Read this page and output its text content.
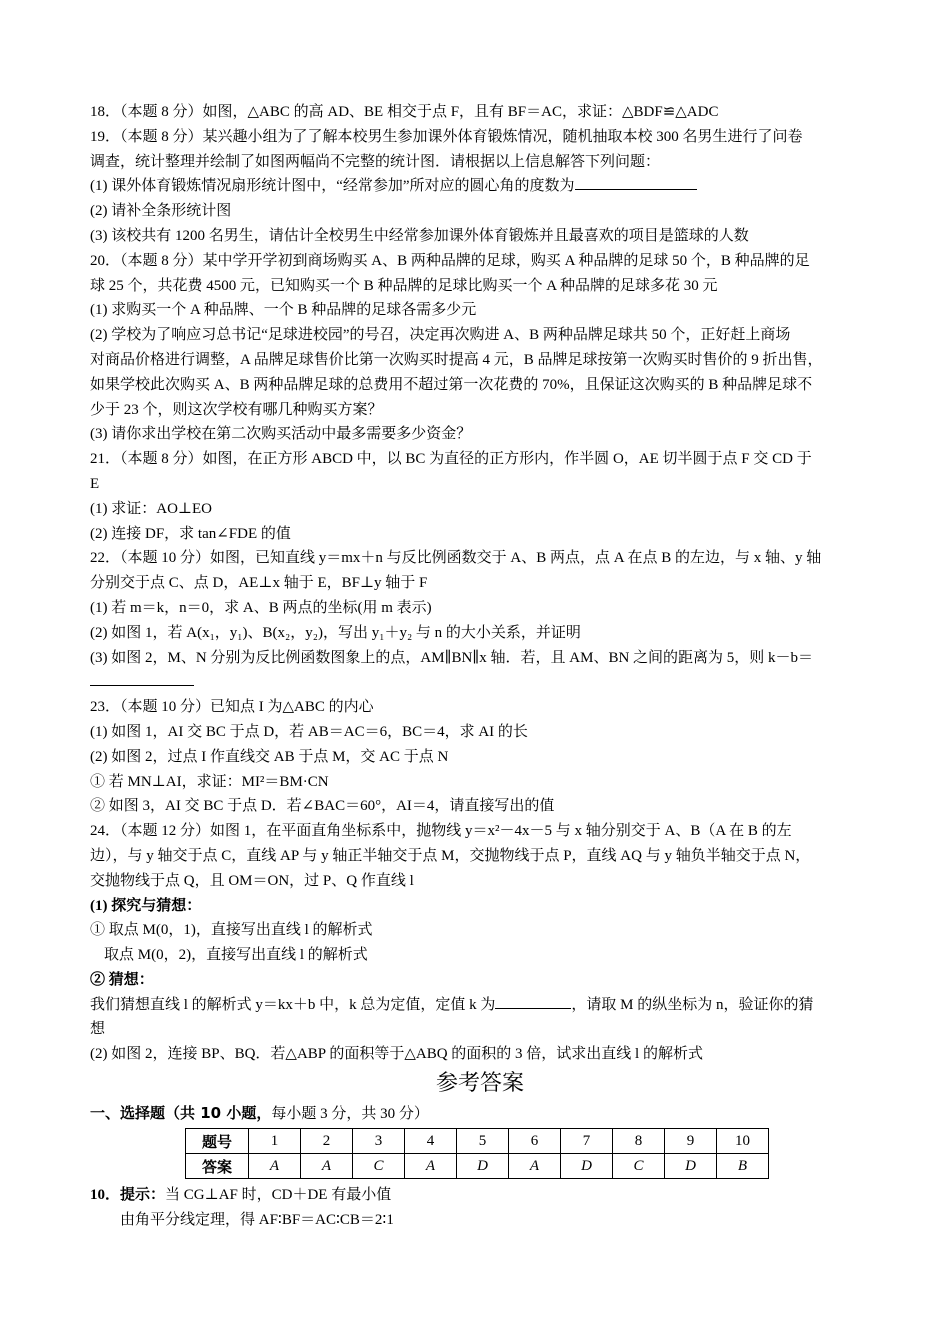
18．（本题 8 分）如图，△ABC 的高 AD、BE 相交于点 F，且有 BF＝AC，求证：△BDF≌△ADC
19．（本题 8 分）某兴趣小组为了了解本校男生参加课外体育锻炼情况，随机抽取本校 300 名男生进行了问卷
调查，统计整理并绘制了如图两幅尚不完整的统计图．请根据以上信息解答下列问题：
(1) 课外体育锻炼情况扇形统计图中，“经常参加”所对应的圆心角的度数为
(2) 请补全条形统计图
(3) 该校共有 1200 名男生，请估计全校男生中经常参加课外体育锻炼并且最喜欢的项目是篮球的人数
20．（本题 8 分）某中学开学初到商场购买 A、B 两种品牌的足球，购买 A 种品牌的足球 50 个，B 种品牌的足
球 25 个，共花费 4500 元，已知购买一个 B 种品牌的足球比购买一个 A 种品牌的足球多花 30 元
(1) 求购买一个 A 种品牌、一个 B 种品牌的足球各需多少元
(2) 学校为了响应习总书记“足球进校园”的号召，决定再次购进 A、B 两种品牌足球共 50 个，正好赶上商场
对商品价格进行调整，A 品牌足球售价比第一次购买时提高 4 元，B 品牌足球按第一次购买时售价的 9 折出售，
如果学校此次购买 A、B 两种品牌足球的总费用不超过第一次花费的 70%，且保证这次购买的 B 种品牌足球不
少于 23 个，则这次学校有哪几种购买方案？
(3) 请你求出学校在第二次购买活动中最多需要多少资金？
21．（本题 8 分）如图，在正方形 ABCD 中，以 BC 为直径的正方形内，作半圆 O，AE 切半圆于点 F 交 CD 于
E
(1) 求证：AO⊥EO
(2) 连接 DF，求 tan∠FDE 的值
22．（本题 10 分）如图，已知直线 y＝mx＋n 与反比例函数交于 A、B 两点，点 A 在点 B 的左边，与 x 轴、y 轴
分别交于点 C、点 D，AE⊥x 轴于 E，BF⊥y 轴于 F
(1) 若 m＝k，n＝0，求 A、B 两点的坐标(用 m 表示)
(2) 如图 1，若 A(x₁，y₁)、B(x₂，y₂)，写出 y₁＋y₂ 与 n 的大小关系，并证明
(3) 如图 2，M、N 分别为反比例函数图象上的点，AM∥BN∥x 轴．若，且 AM、BN 之间的距离为 5，则 k－b＝
23．（本题 10 分）已知点 I 为△ABC 的内心
(1) 如图 1，AI 交 BC 于点 D，若 AB＝AC＝6，BC＝4，求 AI 的长
(2) 如图 2，过点 I 作直线交 AB 于点 M，交 AC 于点 N
① 若 MN⊥AI，求证：MI²＝BM·CN
② 如图 3，AI 交 BC 于点 D．若∠BAC＝60°，AI＝4，请直接写出的值
24．（本题 12 分）如图 1，在平面直角坐标系中，抛物线 y＝x²－4x－5 与 x 轴分别交于 A、B（A 在 B 的左
边），与 y 轴交于点 C，直线 AP 与 y 轴正半轴交于点 M，交抛物线于点 P，直线 AQ 与 y 轴负半轴交于点 N，
交抛物线于点 Q，且 OM＝ON，过 P、Q 作直线 l
(1) 探究与猜想：
① 取点 M(0，1)，直接写出直线 l 的解析式
取点 M(0，2)，直接写出直线 l 的解析式
② 猜想：
我们猜想直线 l 的解析式 y＝kx＋b 中，k 总为定值，定值 k 为	，请取 M 的纵坐标为 n，验证你的猜
想
(2) 如图 2，连接 BP、BQ．若△ABP 的面积等于△ABQ 的面积的 3 倍，试求出直线 l 的解析式
参考答案
一、选择题（共 10 小题，每小题 3 分，共 30 分）
题号	1	2	3	4	5	6	7	8	9	10
答案	A	A	C	A	D	A	D	C	D	B
10．提示：当 CG⊥AF 时，CD＋DE 有最小值
由角平分线定理，得 AF∶BF＝AC∶CB＝2∶1
